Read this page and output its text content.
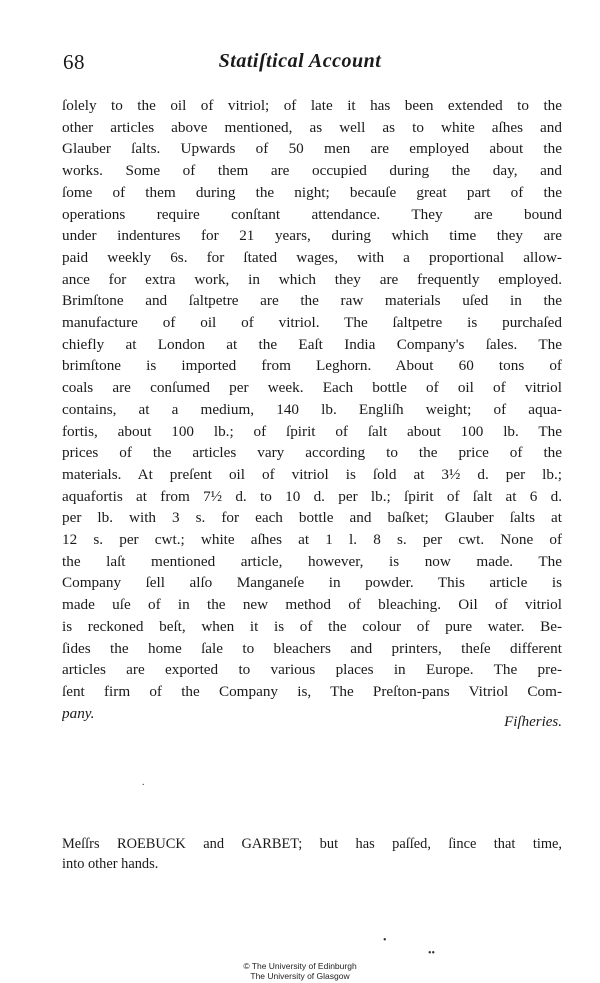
68	Statiſtical Account
ſolely to the oil of vitriol; of late it has been extended to the
other articles above mentioned, as well as to white aſhes and
Glauber ſalts. Upwards of 50 men are employed about the
works. Some of them are occupied during the day, and
ſome of them during the night; becauſe great part of the
operations require conſtant attendance. They are bound
under indentures for 21 years, during which time they are
paid weekly 6s. for ſtated wages, with a proportional allow-
ance for extra work, in which they are frequently employed.
Brimſtone and ſaltpetre are the raw materials uſed in the
manufacture of oil of vitriol. The ſaltpetre is purchaſed
chiefly at London at the Eaſt India Company's ſales. The
brimſtone is imported from Leghorn. About 60 tons of
coals are conſumed per week. Each bottle of oil of vitriol
contains, at a medium, 140 lb. Engliſh weight; of aqua-
fortis, about 100 lb.; of ſpirit of ſalt about 100 lb. The
prices of the articles vary according to the price of the
materials. At preſent oil of vitriol is ſold at 3½ d. per lb.;
aquafortis at from 7½ d. to 10 d. per lb.; ſpirit of ſalt at 6 d.
per lb. with 3 s. for each bottle and baſket; Glauber ſalts at
12 s. per cwt.; white aſhes at 1 l. 8 s. per cwt. None of
the laſt mentioned article, however, is now made. The
Company ſell alſo Manganeſe in powder. This article is
made uſe of in the new method of bleaching. Oil of vitriol
is reckoned beſt, when it is of the colour of pure water. Be-
ſides the home ſale to bleachers and printers, theſe different
articles are exported to various places in Europe. The pre-
ſent firm of the Company is, The Preſton-pans Vitriol Com-
pany.
.
Fiſheries.
Meſſrs ROEBUCK and GARBET; but has paſſed, ſince that time,
into other hands.
•
••
© The University of Edinburgh
The University of Glasgow
